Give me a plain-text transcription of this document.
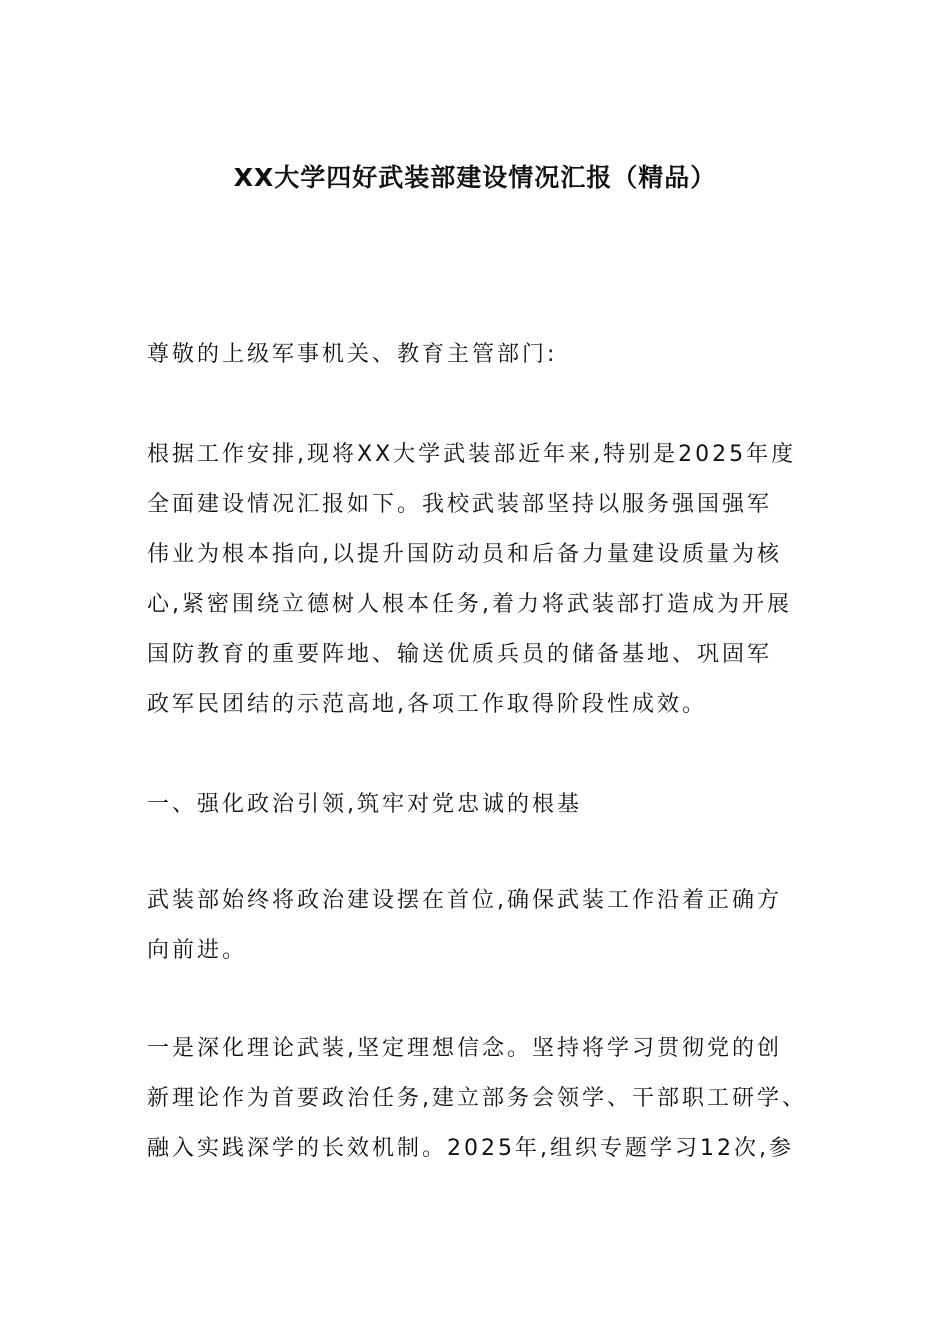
XX大学四好武装部建设情况汇报（精品）

尊敬的上级军事机关、教育主管部门:

根据工作安排,现将XX大学武装部近年来,特别是2025年度
全面建设情况汇报如下。我校武装部坚持以服务强国强军
伟业为根本指向,以提升国防动员和后备力量建设质量为核
心,紧密围绕立德树人根本任务,着力将武装部打造成为开展
国防教育的重要阵地、输送优质兵员的储备基地、巩固军
政军民团结的示范高地,各项工作取得阶段性成效。

一、强化政治引领,筑牢对党忠诚的根基

武装部始终将政治建设摆在首位,确保武装工作沿着正确方
向前进。

一是深化理论武装,坚定理想信念。坚持将学习贯彻党的创
新理论作为首要政治任务,建立部务会领学、干部职工研学、
融入实践深学的长效机制。2025年,组织专题学习12次,参
